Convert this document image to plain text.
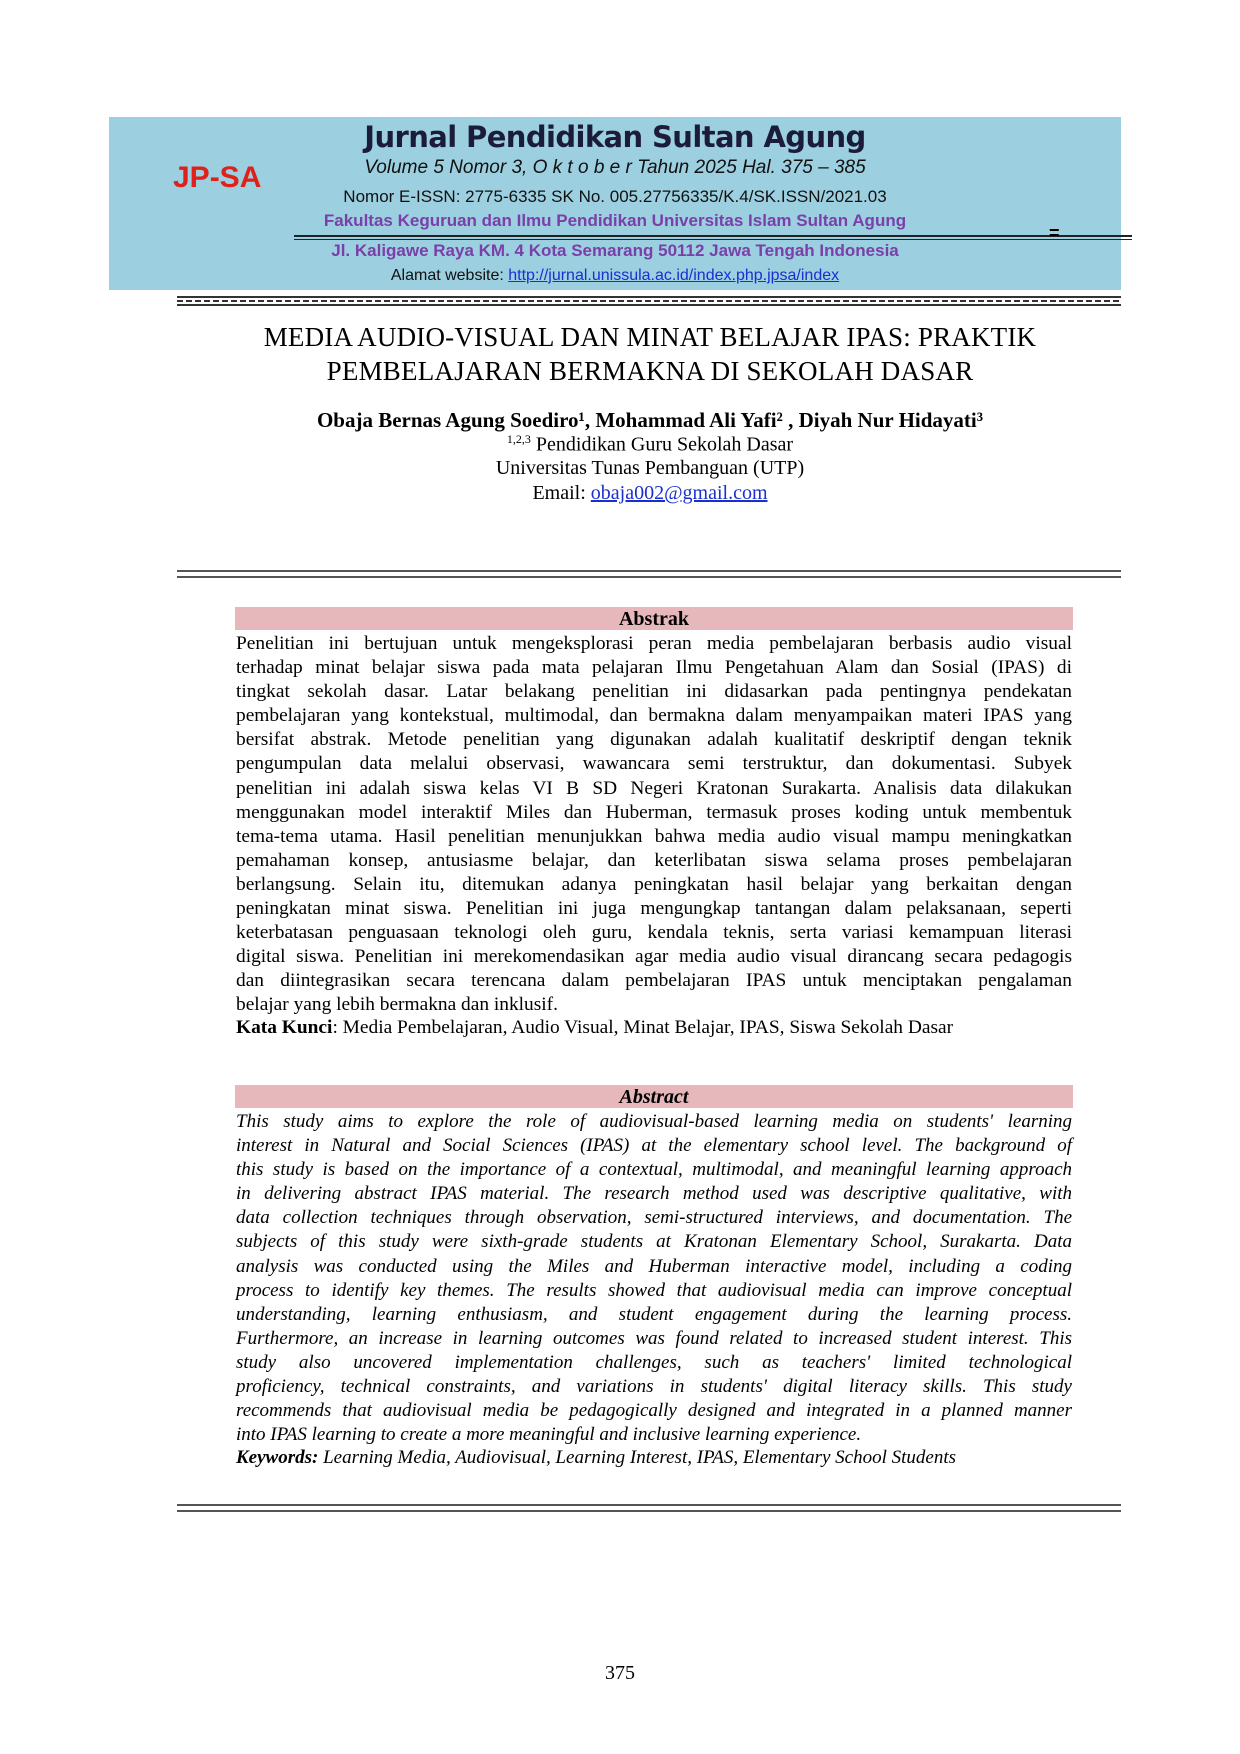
JP-SA
Jurnal Pendidikan Sultan Agung
Volume 5 Nomor 3, O k t o b e r Tahun 2025 Hal. 375 – 385
Nomor E-ISSN: 2775-6335 SK No. 005.27756335/K.4/SK.ISSN/2021.03
Fakultas Keguruan dan Ilmu Pendidikan Universitas Islam Sultan Agung
=
Jl. Kaligawe Raya KM. 4 Kota Semarang 50112 Jawa Tengah Indonesia
Alamat website: http://jurnal.unissula.ac.id/index.php.jpsa/index
MEDIA AUDIO-VISUAL DAN MINAT BELAJAR IPAS: PRAKTIK
PEMBELAJARAN BERMAKNA DI SEKOLAH DASAR
Obaja Bernas Agung Soediro¹, Mohammad Ali Yafi² , Diyah Nur Hidayati³
$^{1,2,3}$ Pendidikan Guru Sekolah Dasar
Universitas Tunas Pembanguan (UTP)
Email: obaja002@gmail.com
Abstrak
Penelitian ini bertujuan untuk mengeksplorasi peran media pembelajaran berbasis audio visual
terhadap minat belajar siswa pada mata pelajaran Ilmu Pengetahuan Alam dan Sosial (IPAS) di
tingkat sekolah dasar. Latar belakang penelitian ini didasarkan pada pentingnya pendekatan
pembelajaran yang kontekstual, multimodal, dan bermakna dalam menyampaikan materi IPAS yang
bersifat abstrak. Metode penelitian yang digunakan adalah kualitatif deskriptif dengan teknik
pengumpulan data melalui observasi, wawancara semi terstruktur, dan dokumentasi. Subyek
penelitian ini adalah siswa kelas VI B SD Negeri Kratonan Surakarta. Analisis data dilakukan
menggunakan model interaktif Miles dan Huberman, termasuk proses koding untuk membentuk
tema-tema utama. Hasil penelitian menunjukkan bahwa media audio visual mampu meningkatkan
pemahaman konsep, antusiasme belajar, dan keterlibatan siswa selama proses pembelajaran
berlangsung. Selain itu, ditemukan adanya peningkatan hasil belajar yang berkaitan dengan
peningkatan minat siswa. Penelitian ini juga mengungkap tantangan dalam pelaksanaan, seperti
keterbatasan penguasaan teknologi oleh guru, kendala teknis, serta variasi kemampuan literasi
digital siswa. Penelitian ini merekomendasikan agar media audio visual dirancang secara pedagogis
dan diintegrasikan secara terencana dalam pembelajaran IPAS untuk menciptakan pengalaman
belajar yang lebih bermakna dan inklusif.
Kata Kunci: Media Pembelajaran, Audio Visual, Minat Belajar, IPAS, Siswa Sekolah Dasar
Abstract
This study aims to explore the role of audiovisual-based learning media on students' learning
interest in Natural and Social Sciences (IPAS) at the elementary school level. The background of
this study is based on the importance of a contextual, multimodal, and meaningful learning approach
in delivering abstract IPAS material. The research method used was descriptive qualitative, with
data collection techniques through observation, semi-structured interviews, and documentation. The
subjects of this study were sixth-grade students at Kratonan Elementary School, Surakarta. Data
analysis was conducted using the Miles and Huberman interactive model, including a coding
process to identify key themes. The results showed that audiovisual media can improve conceptual
understanding, learning enthusiasm, and student engagement during the learning process.
Furthermore, an increase in learning outcomes was found related to increased student interest. This
study also uncovered implementation challenges, such as teachers' limited technological
proficiency, technical constraints, and variations in students' digital literacy skills. This study
recommends that audiovisual media be pedagogically designed and integrated in a planned manner
into IPAS learning to create a more meaningful and inclusive learning experience.
Keywords: Learning Media, Audiovisual, Learning Interest, IPAS, Elementary School Students
375
